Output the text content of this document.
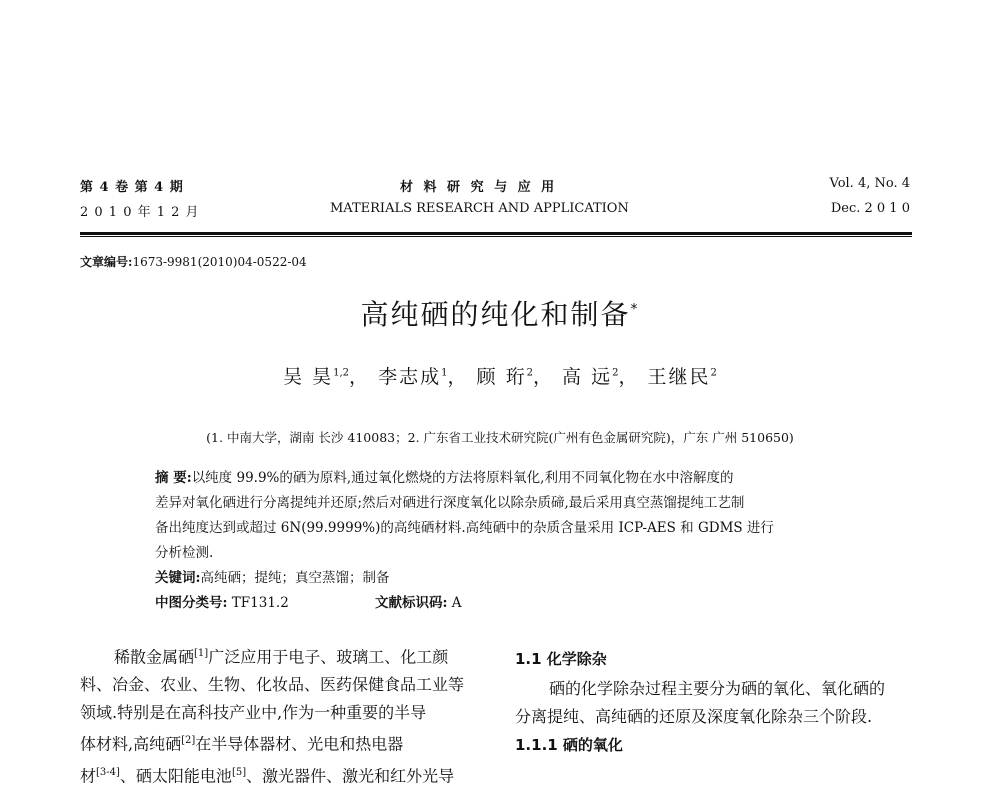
第 4 卷 第 4 期
2 0 1 0 年 1 2 月
材 料 研 究 与 应 用
MATERIALS RESEARCH AND APPLICATION
Vol. 4, No. 4
Dec. 2 0 1 0
文章编号:1673-9981(2010)04-0522-04
高纯硒的纯化和制备*
吴 昊$^{1,2}$， 李志成$^1$， 顾 珩$^2$， 高 远$^2$， 王继民$^2$
(1. 中南大学，湖南 长沙 410083；2. 广东省工业技术研究院(广州有色金属研究院)，广东 广州 510650)

摘 要:以纯度 99.9%的硒为原料,通过氧化燃烧的方法将原料氧化,利用不同氧化物在水中溶解度的

差异对氧化硒进行分离提纯并还原;然后对硒进行深度氧化以除杂质碲,最后采用真空蒸馏提纯工艺制

备出纯度达到或超过 6N(99.9999%)的高纯硒材料.高纯硒中的杂质含量采用 ICP-AES 和 GDMS 进行

分析检测.

关键词:高纯硒；提纯；真空蒸馏；制备
中图分类号: TF131.2	文献标识码: A
稀散金属硒[1]广泛应用于电子、玻璃工、化工颜
料、冶金、农业、生物、化妆品、医药保健食品工业等
领域.特别是在高科技产业中,作为一种重要的半导
体材料,高纯硒[2]在半导体器材、光电和热电器
材[3-4]、硒太阳能电池[5]、激光器件、激光和红外光导
1.1 化学除杂
硒的化学除杂过程主要分为硒的氧化、氧化硒的
分离提纯、高纯硒的还原及深度氧化除杂三个阶段.
1.1.1 硒的氧化
